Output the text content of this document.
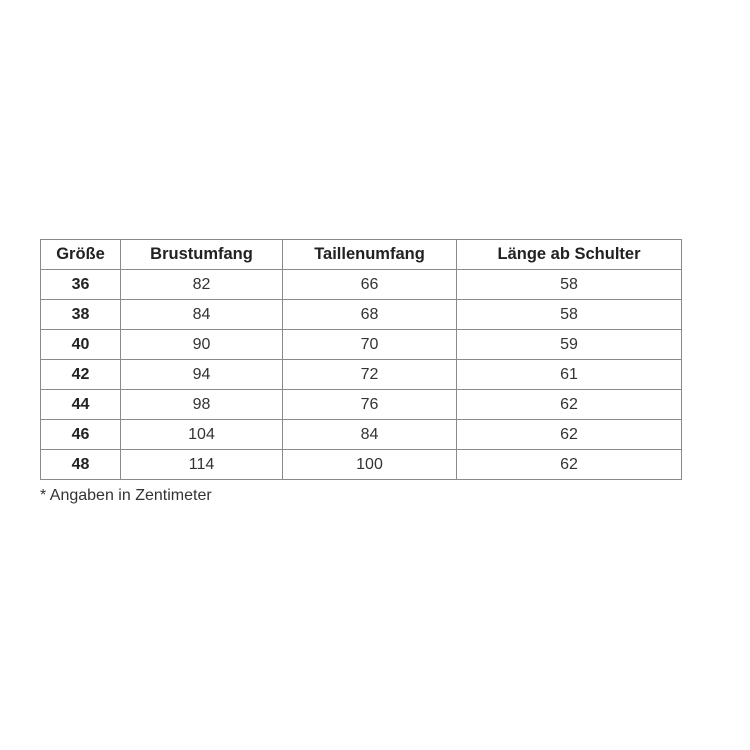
Größe	Brustumfang	Taillenumfang	Länge ab Schulter
36	82	66	58
38	84	68	58
40	90	70	59
42	94	72	61
44	98	76	62
46	104	84	62
48	114	100	62
* Angaben in Zentimeter
